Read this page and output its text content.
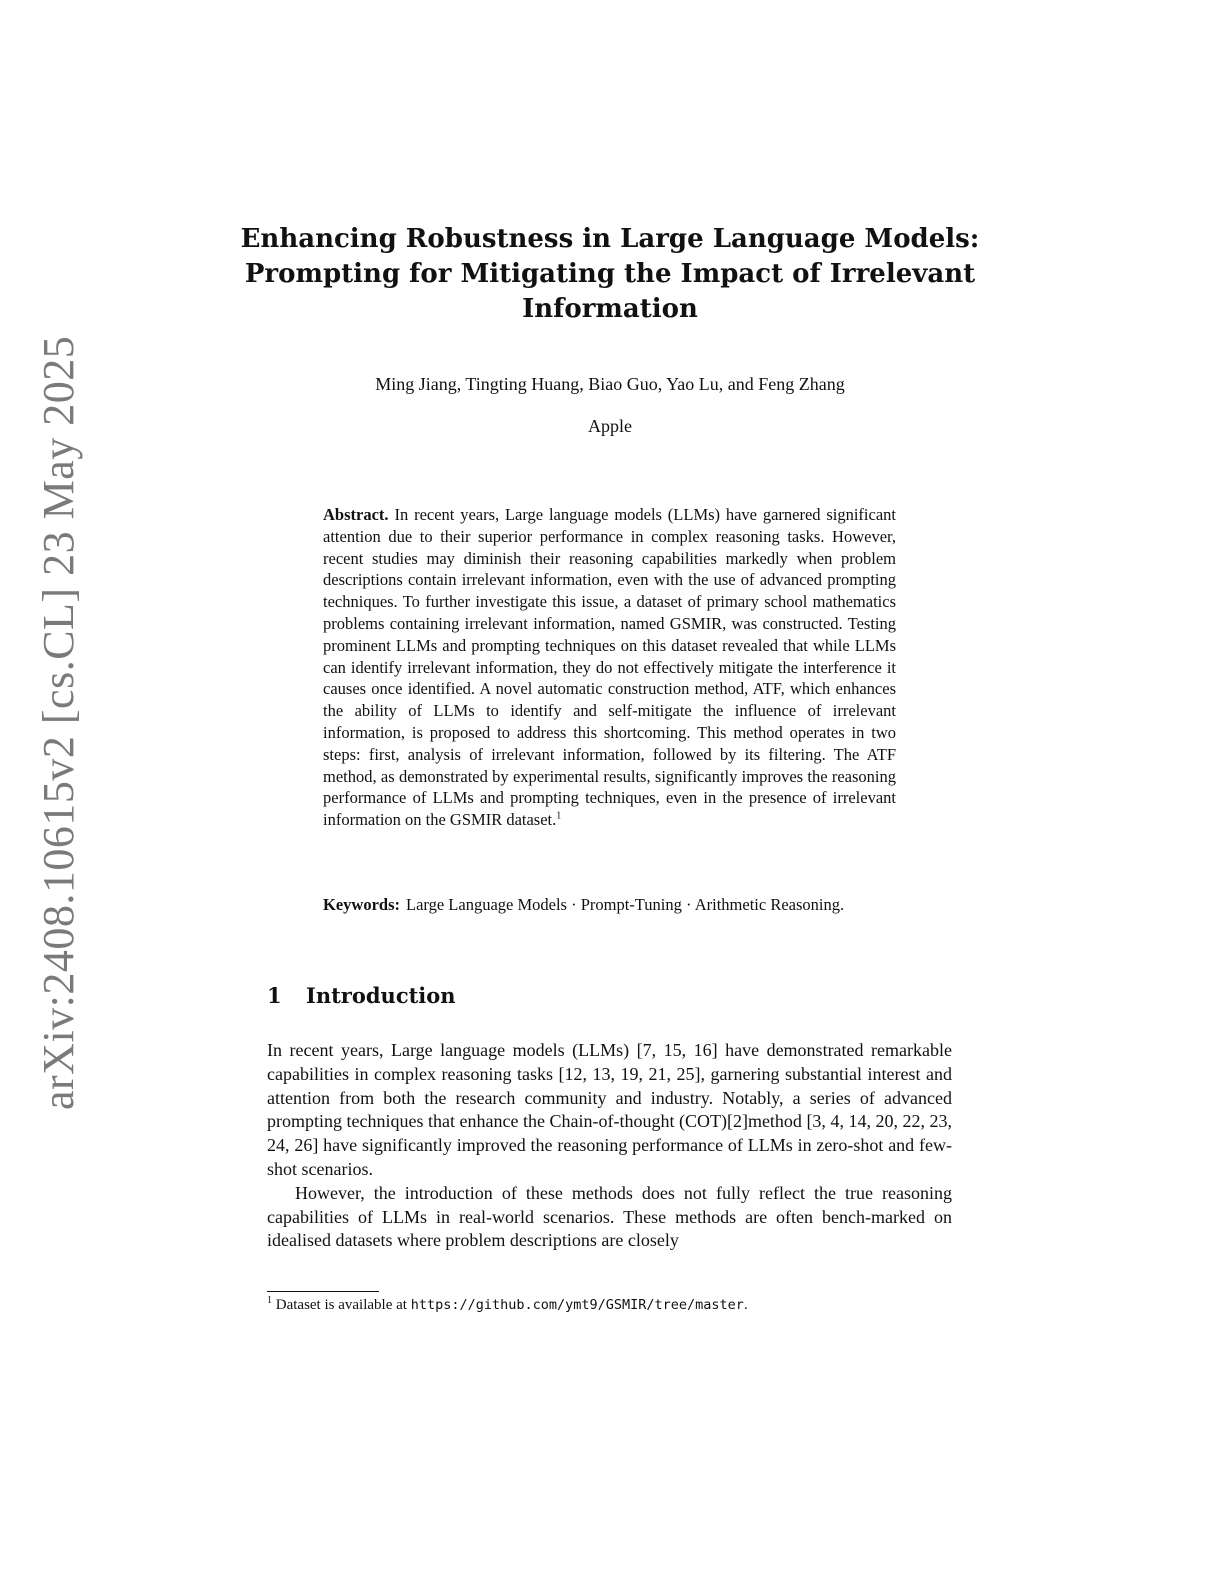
arXiv:2408.10615v2 [cs.CL] 23 May 2025
Enhancing Robustness in Large Language Models: Prompting for Mitigating the Impact of Irrelevant Information
Ming Jiang, Tingting Huang, Biao Guo, Yao Lu, and Feng Zhang
Apple

Abstract. In recent years, Large language models (LLMs) have garnered significant attention due to their superior performance in complex reasoning tasks. However, recent studies may diminish their reasoning capabilities markedly when problem descriptions contain irrelevant information, even with the use of advanced prompting techniques. To further investigate this issue, a dataset of primary school mathematics problems containing irrelevant information, named GSMIR, was constructed. Testing prominent LLMs and prompting techniques on this dataset revealed that while LLMs can identify irrelevant information, they do not effectively mitigate the interference it causes once identified. A novel automatic construction method, ATF, which enhances the ability of LLMs to identify and self-mitigate the influence of irrelevant information, is proposed to address this shortcoming. This method operates in two steps: first, analysis of irrelevant information, followed by its filtering. The ATF method, as demonstrated by experimental results, significantly improves the reasoning performance of LLMs and prompting techniques, even in the presence of irrelevant information on the GSMIR dataset.$^1$

Keywords: Large Language Models · Prompt-Tuning · Arithmetic Reasoning.

1 Introduction

In recent years, Large language models (LLMs) [7, 15, 16] have demonstrated remarkable capabilities in complex reasoning tasks [12, 13, 19, 21, 25], garnering substantial interest and attention from both the research community and industry. Notably, a series of advanced prompting techniques that enhance the Chain-of-thought (COT)[2]method [3, 4, 14, 20, 22, 23, 24, 26] have significantly improved the reasoning performance of LLMs in zero-shot and few-shot scenarios.

However, the introduction of these methods does not fully reflect the true reasoning capabilities of LLMs in real-world scenarios. These methods are often bench-marked on idealised datasets where problem descriptions are closely

$^1$ Dataset is available at https://github.com/ymt9/GSMIR/tree/master.
